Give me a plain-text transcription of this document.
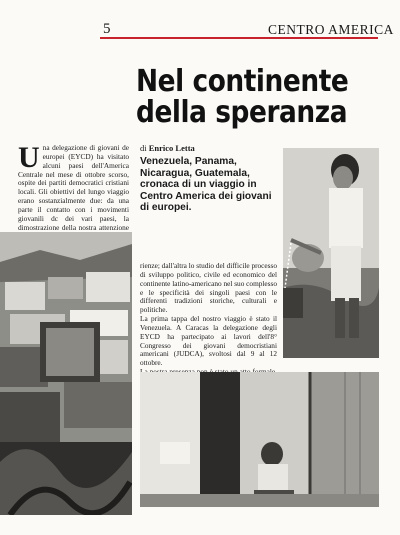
5	CENTRO AMERICA
Nel continente
della speranza
di Enrico Letta
Venezuela, Panama, Nicaragua, Guatemala, cronaca di un viaggio in Centro America dei giovani di europei.
U na delegazione di giovani de europei (EYCD) ha visitato alcuni paesi dell'America Centrale nel mese di ottobre scorso, ospite dei partiti democratici cristiani locali. Gli obiettivi del lungo viaggio erano sostanzialmente due: da una parte il contatto con i movimenti giovanili dc dei vari paesi, la dimostrazione della nostra attenzione
rienze; dall'altra lo studio del difficile processo di sviluppo politico, civile ed economico del continente latino-americano nel suo complesso e le specificità dei singoli paesi con le differenti tradizioni storiche, culturali e politiche.
La prima tappa del nostro viaggio è stato il Venezuela. A Caracas la delegazione degli EYCD ha partecipato ai lavori dell'8° Congresso dei giovani democristiani americani (JUDCA), svoltosi dal 9 al 12 ottobre.
